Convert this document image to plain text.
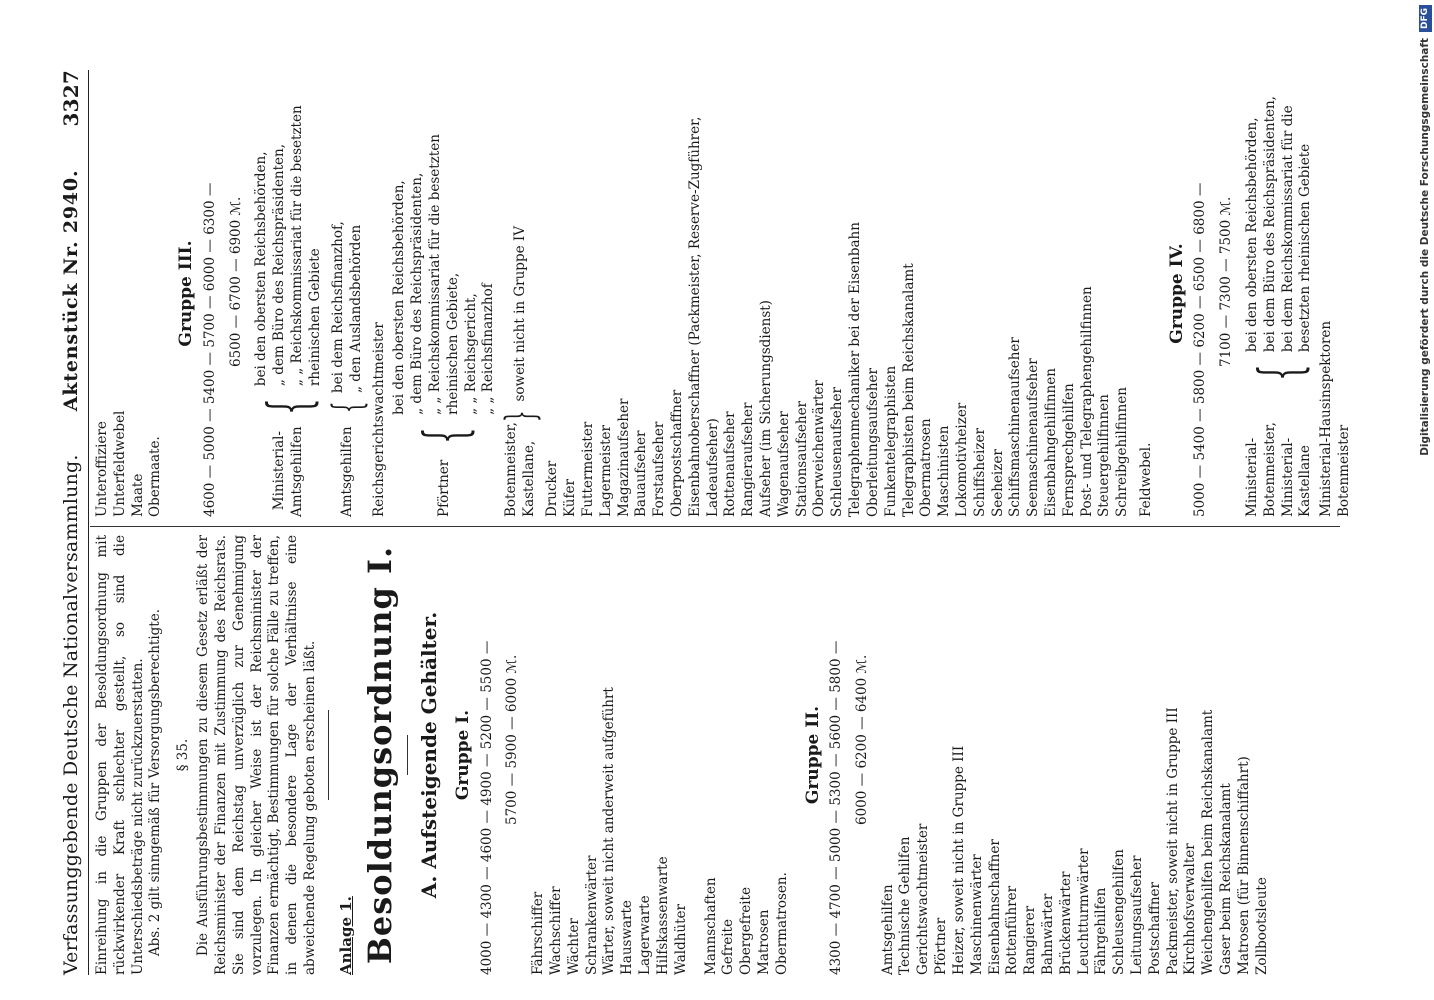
Verfassunggebende Deutsche Nationalversammlung.
Aktenstück Nr. 2940.
3327

Einreihung in die Gruppen der Besoldungsordnung mit rückwirkender Kraft schlechter gestellt, so sind die Unterschiedsbeträge nicht zurückzuerstatten. Abs. 2 gilt sinngemäß für Versorgungsberechtigte. § 35. Die Ausführungsbestimmungen zu diesem Gesetz erläßt der Reichsminister der Finanzen mit Zustimmung des Reichsrats. Sie sind dem Reichstag unverzüglich zur Genehmigung vorzulegen. In gleicher Weise ist der Reichsminister der Finanzen ermächtigt, Bestimmungen für solche Fälle zu treffen, in denen die besondere Lage der Verhältnisse eine abweichende Regelung geboten erscheinen läßt. Anlage 1. Besoldungsordnung I. A. Aufsteigende Gehälter. Gruppe I. 4000 — 4300 — 4600 — 4900 — 5200 — 5500 — 5700 — 5900 — 6000 ℳ.

Fährschiffer Wachschiffer Wächter Schrankenwärter Wärter, soweit nicht anderweit aufgeführt Hauswarte Lagerwarte Hilfskassenwarte Waldhüter Mannschaften Gefreite Obergefreite Matrosen Obermatrosen.

Gruppe II. 4300 — 4700 — 5000 — 5300 — 5600 — 5800 — 6000 — 6200 — 6400 ℳ.

Amtsgehilfen Technische Gehilfen Gerichtswachtmeister Pförtner Heizer, soweit nicht in Gruppe III Maschinenwärter Eisenbahnschaffner Rottenführer Rangierer Bahnwärter Brückenwärter Leuchtturmwärter Fährgehilfen Schleusengehilfen Leitungsaufseher Postschaffner Packmeister, soweit nicht in Gruppe III Kirchhofsverwalter Weichengehilfen beim Reichskanalamt Gaser beim Reichskanalamt Matrosen (für Binnenschiffahrt) Zollbootsleute
Unteroffiziere Unterfeldwebel Maate Obermaate.

Gruppe III. 4600 — 5000 — 5400 — 5700 — 6000 — 6300 — 6500 — 6700 — 6900 ℳ.

Ministerial-Amtsgehilfen
{
bei den obersten Reichsbehörden, „ dem Büro des Reichspräsidenten, „ „ Reichskommissariat für die besetzten rheinischen Gebiete
Amtsgehilfen
{
bei dem Reichsfinanzhof, „ den Auslandsbehörden
Reichsgerichtswachtmeister	Pförtner
{
bei den obersten Reichsbehörden, „ dem Büro des Reichspräsidenten, „ „ Reichskommissariat für die besetzten rheinischen Gebiete, „ „ Reichsgericht, „ „ Reichsfinanzhof
Botenmeister, Kastellane,
}
soweit nicht in Gruppe IV
Drucker Küfer Futtermeister Lagermeister Magazinaufseher Bauaufseher Forstaufseher Oberpostschaffner Eisenbahnoberschaffner (Packmeister, Reserve-Zugführer, Ladeaufseher) Rottenaufseher Rangieraufseher Aufseher (im Sicherungsdienst) Wagenaufseher Stationsaufseher Oberweichenwärter Schleusenaufseher Telegraphenmechaniker bei der Eisenbahn Oberleitungsaufseher Funkentelegraphisten Telegraphisten beim Reichskanalamt Obermatrosen Maschinisten Lokomotivheizer Schiffsheizer Seeheizer Schiffsmaschinenaufseher Seemaschinenaufseher Eisenbahngehilfinnen Fernsprechgehilfen Post- und Telegraphengehilfinnen Steuergehilfinnen Schreibgehilfinnen Feldwebel.

Gruppe IV. 5000 — 5400 — 5800 — 6200 — 6500 — 6800 — 7100 — 7300 — 7500 ℳ.

Ministerial-Botenmeister, Ministerial-Kastellane
{
bei den obersten Reichsbehörden, bei dem Büro des Reichspräsidenten, bei dem Reichskommissariat für die besetzten rheinischen Gebiete
Ministerial-Hausinspektoren Botenmeister
Digitalisierung gefördert durch die Deutsche Forschungsgemeinschaft
DFG
